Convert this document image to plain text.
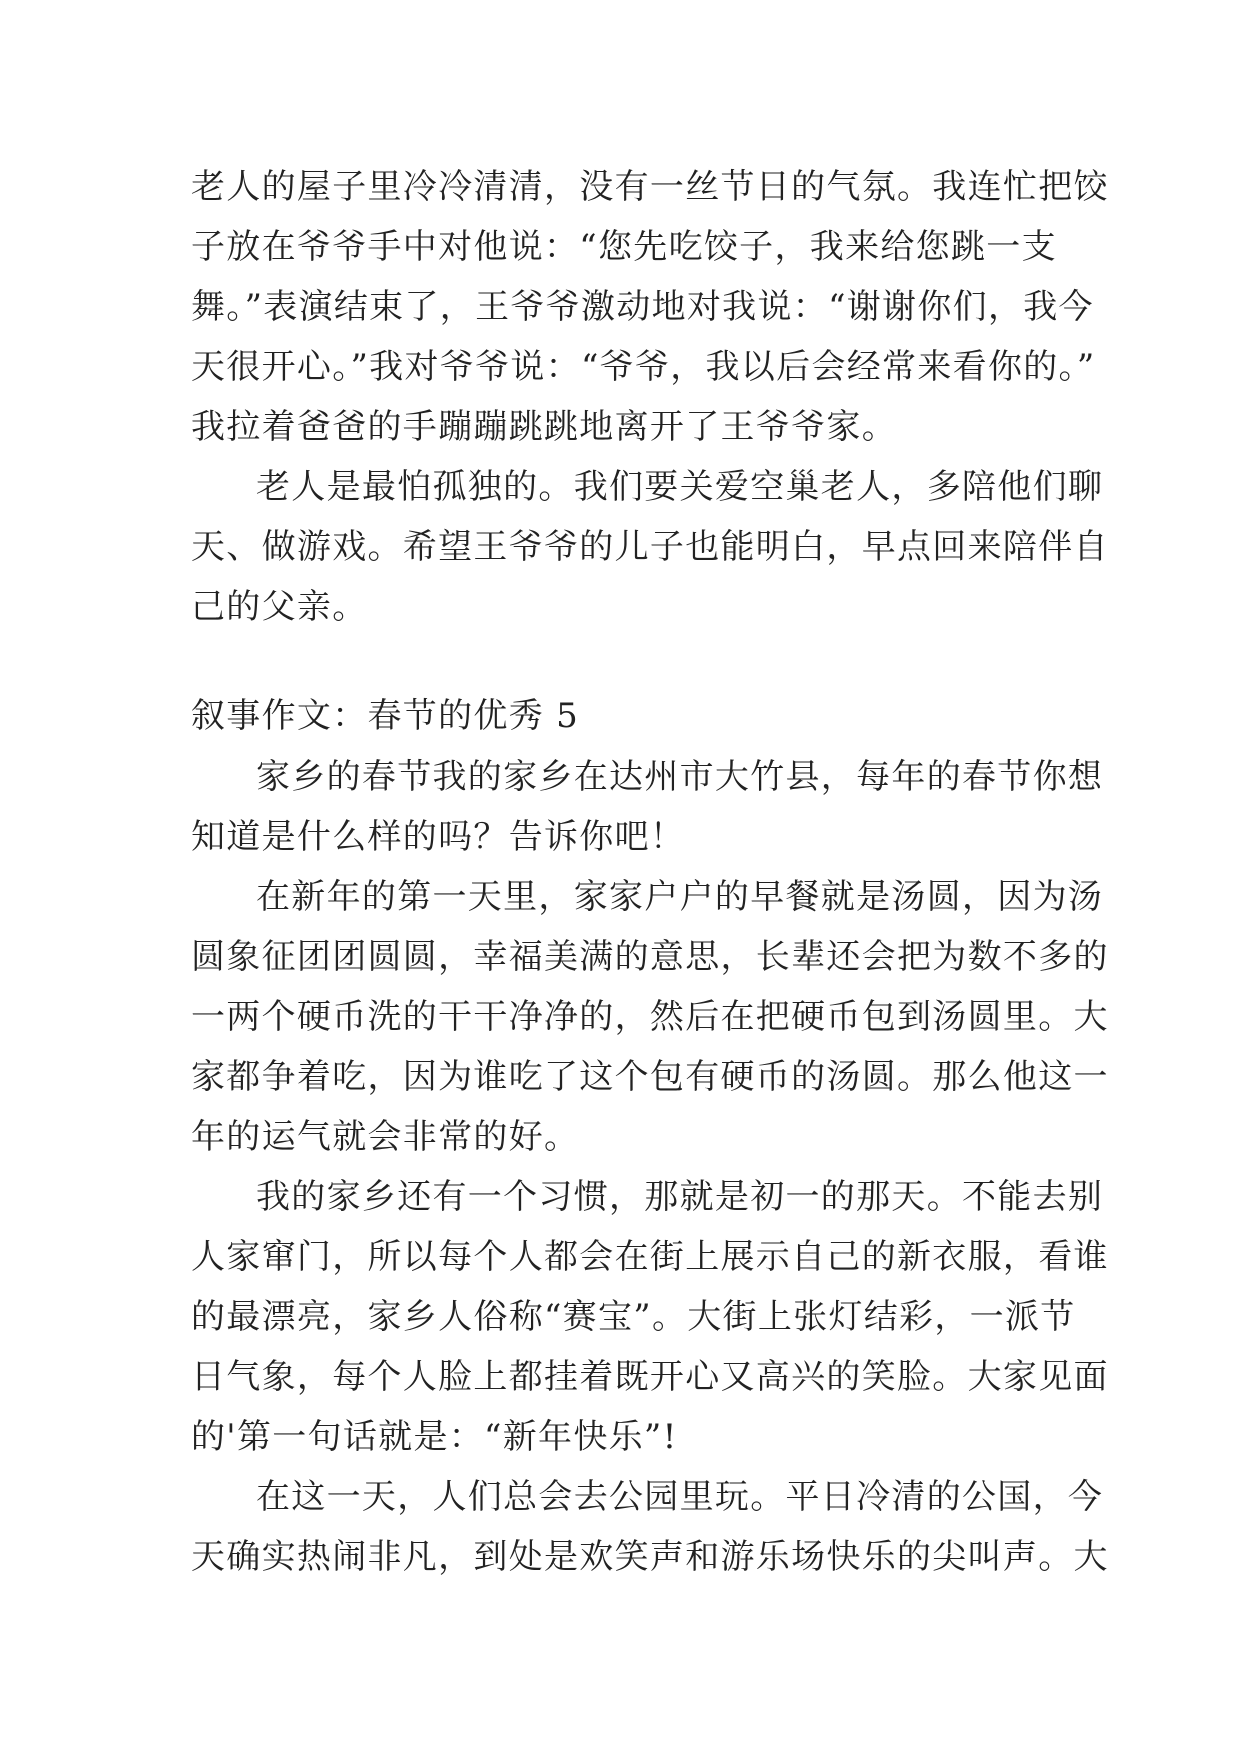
老人的屋子里冷冷清清，没有一丝节日的气氛。我连忙把饺
子放在爷爷手中对他说：“您先吃饺子，我来给您跳一支
舞。”表演结束了，王爷爷激动地对我说：“谢谢你们，我今
天很开心。”我对爷爷说：“爷爷，我以后会经常来看你的。”
我拉着爸爸的手蹦蹦跳跳地离开了王爷爷家。
老人是最怕孤独的。我们要关爱空巢老人，多陪他们聊
天、做游戏。希望王爷爷的儿子也能明白，早点回来陪伴自
己的父亲。
叙事作文：春节的优秀 5
家乡的春节我的家乡在达州市大竹县，每年的春节你想
知道是什么样的吗？告诉你吧！
在新年的第一天里，家家户户的早餐就是汤圆，因为汤
圆象征团团圆圆，幸福美满的意思，长辈还会把为数不多的
一两个硬币洗的干干净净的，然后在把硬币包到汤圆里。大
家都争着吃，因为谁吃了这个包有硬币的汤圆。那么他这一
年的运气就会非常的好。
我的家乡还有一个习惯，那就是初一的那天。不能去别
人家窜门，所以每个人都会在街上展示自己的新衣服，看谁
的最漂亮，家乡人俗称“赛宝”。大街上张灯结彩，一派节
日气象，每个人脸上都挂着既开心又高兴的笑脸。大家见面
的'第一句话就是：“新年快乐”!
在这一天，人们总会去公园里玩。平日冷清的公国，今
天确实热闹非凡，到处是欢笑声和游乐场快乐的尖叫声。大
